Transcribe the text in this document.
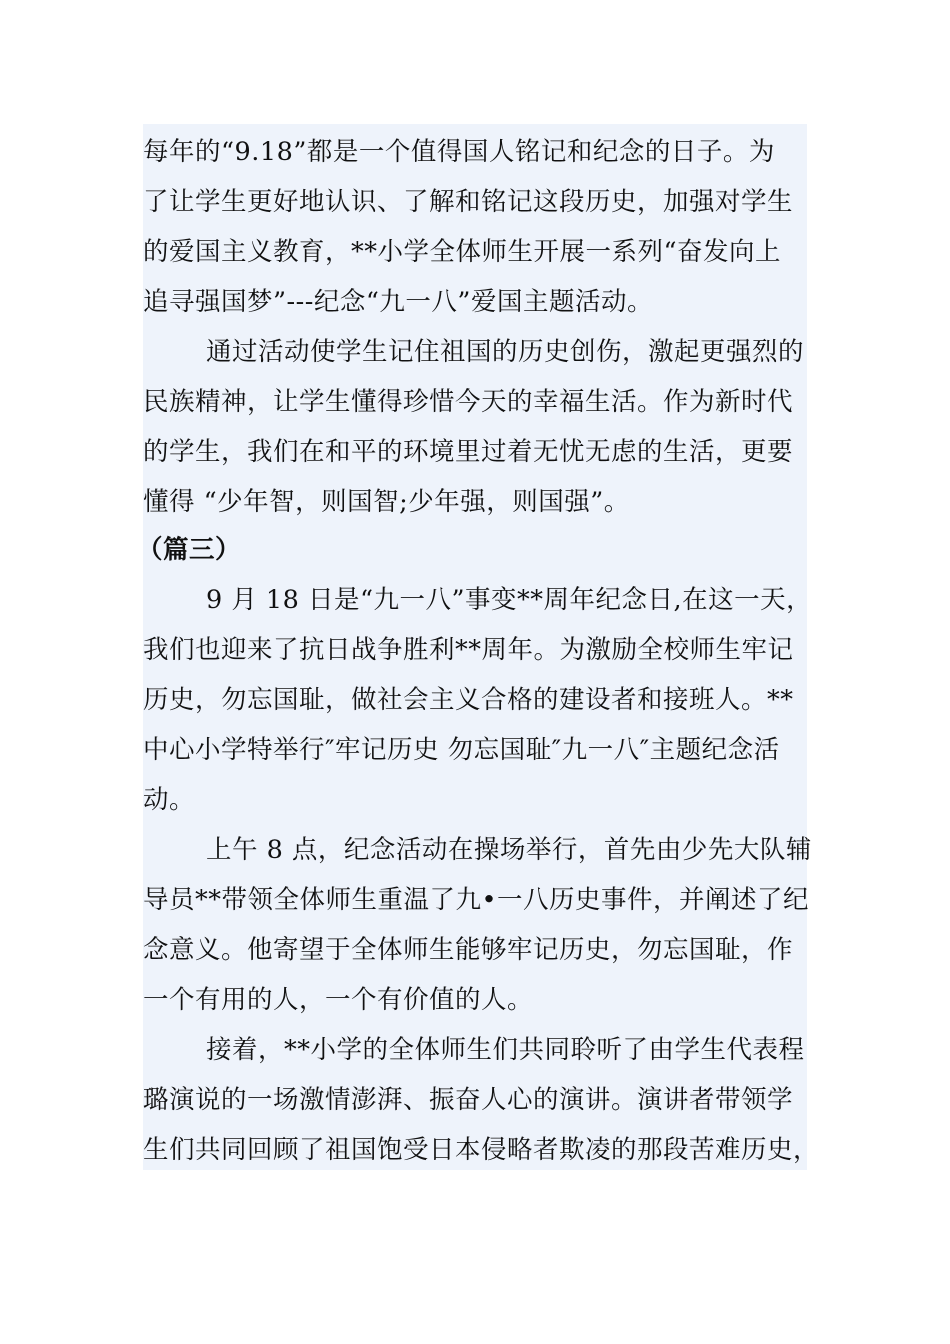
每年的“9.18”都是一个值得国人铭记和纪念的日子。为
了让学生更好地认识、了解和铭记这段历史，加强对学生
的爱国主义教育，**小学全体师生开展一系列“奋发向上
追寻强国梦”---纪念“九一八”爱国主题活动。
通过活动使学生记住祖国的历史创伤，激起更强烈的
民族精神，让学生懂得珍惜今天的幸福生活。作为新时代
的学生，我们在和平的环境里过着无忧无虑的生活，更要
懂得 “少年智，则国智;少年强，则国强”。
（篇三）
9 月 18 日是“九一八”事变**周年纪念日,在这一天，
我们也迎来了抗日战争胜利**周年。为激励全校师生牢记
历史，勿忘国耻，做社会主义合格的建设者和接班人。**
中心小学特举行″牢记历史 勿忘国耻″九一八″主题纪念活
动。
上午 8 点，纪念活动在操场举行，首先由少先大队辅
导员**带领全体师生重温了九•一八历史事件，并阐述了纪
念意义。他寄望于全体师生能够牢记历史，勿忘国耻，作
一个有用的人，一个有价值的人。
接着，**小学的全体师生们共同聆听了由学生代表程
璐演说的一场激情澎湃、振奋人心的演讲。演讲者带领学
生们共同回顾了祖国饱受日本侵略者欺凌的那段苦难历史，
